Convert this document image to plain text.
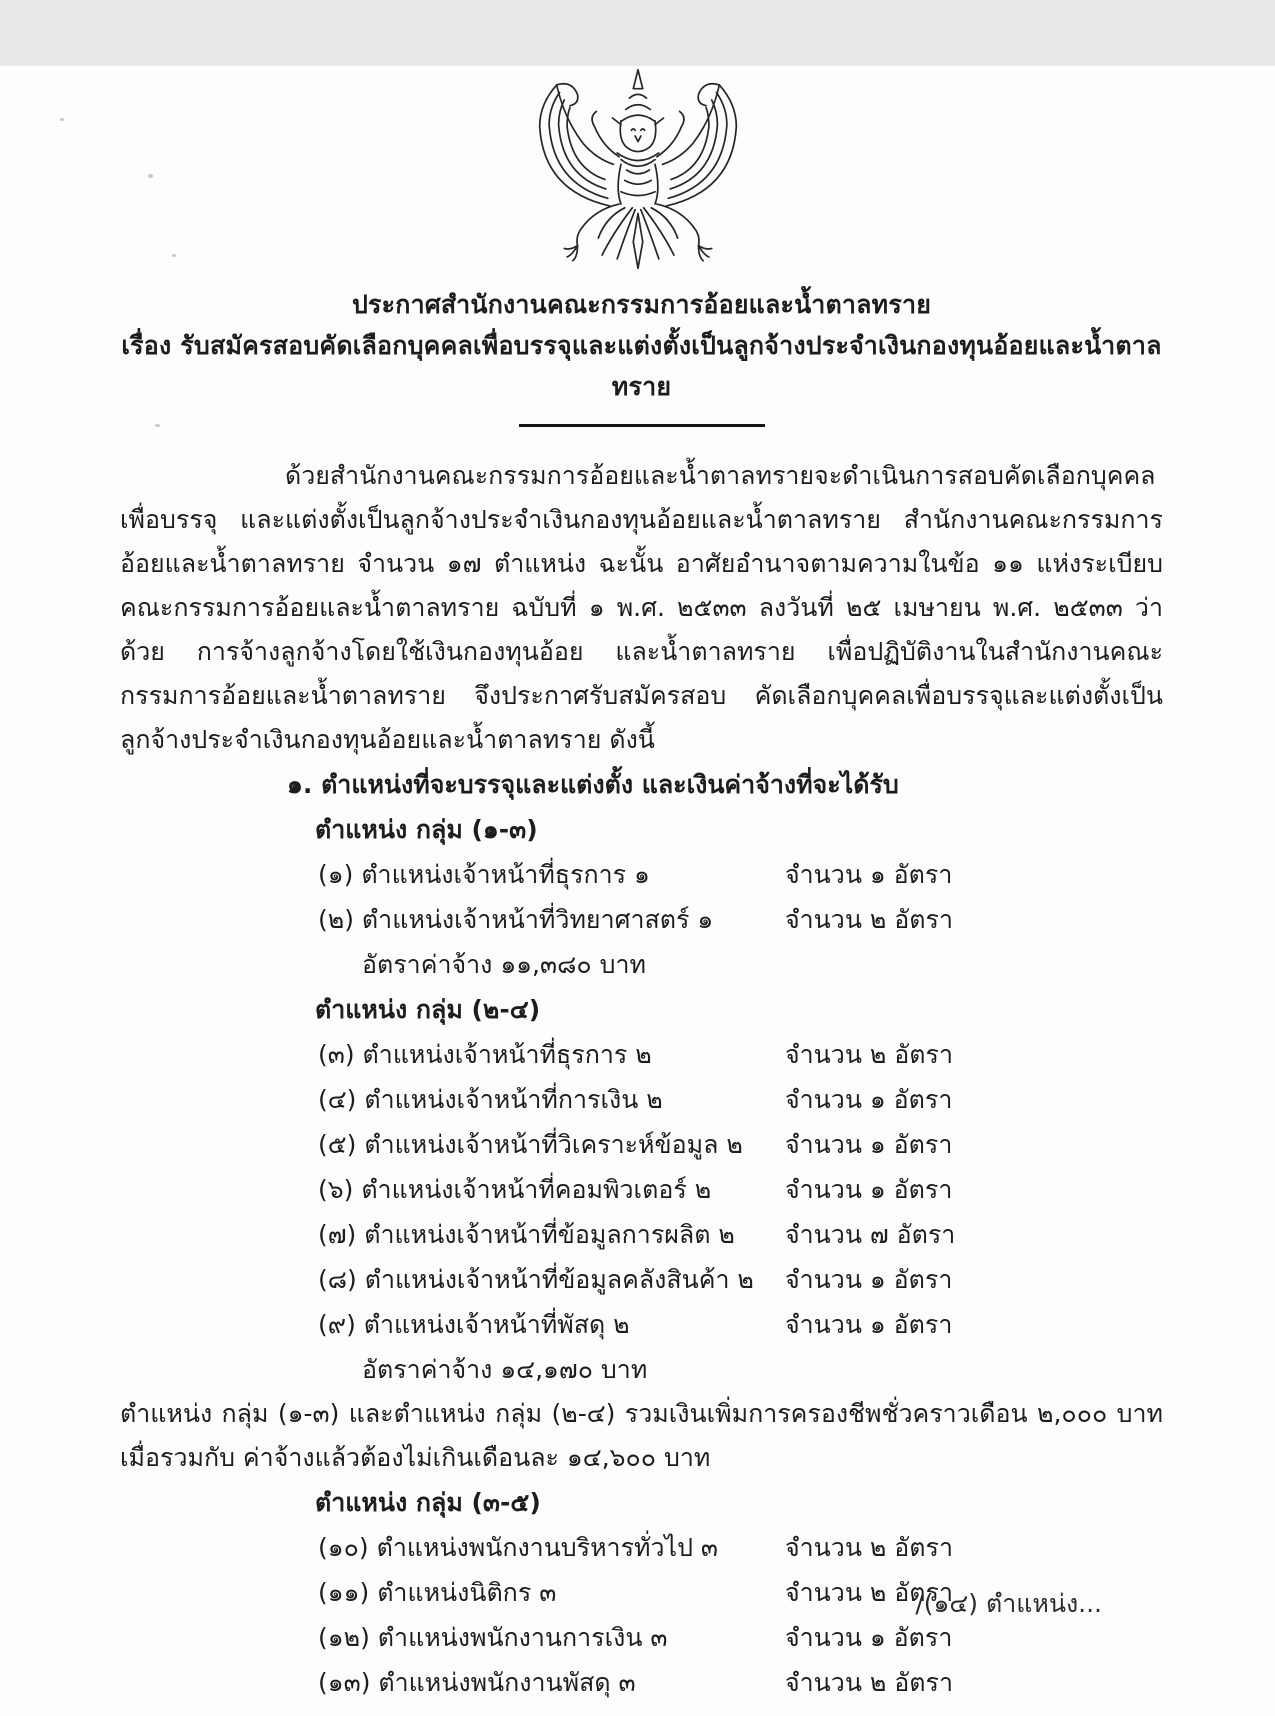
ประกาศสำนักงานคณะกรรมการอ้อยและน้ำตาลทราย
เรื่อง รับสมัครสอบคัดเลือกบุคคลเพื่อบรรจุและแต่งตั้งเป็นลูกจ้างประจำเงินกองทุนอ้อยและน้ำตาลทราย

ด้วยสำนักงานคณะกรรมการอ้อยและน้ำตาลทรายจะดำเนินการสอบคัดเลือกบุคคลเพื่อบรรจุ และแต่งตั้งเป็นลูกจ้างประจำเงินกองทุนอ้อยและน้ำตาลทราย สำนักงานคณะกรรมการอ้อยและน้ำตาลทราย จำนวน ๑๗ ตำแหน่ง ฉะนั้น อาศัยอำนาจตามความในข้อ ๑๑ แห่งระเบียบคณะกรรมการอ้อยและน้ำตาลทราย ฉบับที่ ๑ พ.ศ. ๒๕๓๓ ลงวันที่ ๒๕ เมษายน พ.ศ. ๒๕๓๓ ว่าด้วย การจ้างลูกจ้างโดยใช้เงินกองทุนอ้อย และน้ำตาลทราย เพื่อปฏิบัติงานในสำนักงานคณะกรรมการอ้อยและน้ำตาลทราย จึงประกาศรับสมัครสอบ คัดเลือกบุคคลเพื่อบรรจุและแต่งตั้งเป็นลูกจ้างประจำเงินกองทุนอ้อยและน้ำตาลทราย ดังนี้

๑. ตำแหน่งที่จะบรรจุและแต่งตั้ง และเงินค่าจ้างที่จะได้รับ
ตำแหน่ง กลุ่ม (๑-๓)
(๑) ตำแหน่งเจ้าหน้าที่ธุรการ ๑	จำนวน ๑ อัตรา
(๒) ตำแหน่งเจ้าหน้าที่วิทยาศาสตร์ ๑	จำนวน ๒ อัตรา
อัตราค่าจ้าง ๑๑,๓๘๐ บาท
ตำแหน่ง กลุ่ม (๒-๔)
(๓) ตำแหน่งเจ้าหน้าที่ธุรการ ๒	จำนวน ๒ อัตรา
(๔) ตำแหน่งเจ้าหน้าที่การเงิน ๒	จำนวน ๑ อัตรา
(๕) ตำแหน่งเจ้าหน้าที่วิเคราะห์ข้อมูล ๒ จำนวน ๑ อัตรา
(๖) ตำแหน่งเจ้าหน้าที่คอมพิวเตอร์ ๒	จำนวน ๑ อัตรา
(๗) ตำแหน่งเจ้าหน้าที่ข้อมูลการผลิต ๒ จำนวน ๗ อัตรา
(๘) ตำแหน่งเจ้าหน้าที่ข้อมูลคลังสินค้า ๒ จำนวน ๑ อัตรา
(๙) ตำแหน่งเจ้าหน้าที่พัสดุ ๒	จำนวน ๑ อัตรา
อัตราค่าจ้าง ๑๔,๑๗๐ บาท

ตำแหน่ง กลุ่ม (๑-๓) และตำแหน่ง กลุ่ม (๒-๔) รวมเงินเพิ่มการครองชีพชั่วคราวเดือน ๒,๐๐๐ บาท เมื่อรวมกับ ค่าจ้างแล้วต้องไม่เกินเดือนละ ๑๔,๖๐๐ บาท

ตำแหน่ง กลุ่ม (๓-๕)
(๑๐) ตำแหน่งพนักงานบริหารทั่วไป ๓	จำนวน ๒ อัตรา
(๑๑) ตำแหน่งนิติกร ๓	จำนวน ๒ อัตรา
(๑๒) ตำแหน่งพนักงานการเงิน ๓	จำนวน ๑ อัตรา
(๑๓) ตำแหน่งพนักงานพัสดุ ๓	จำนวน ๒ อัตรา
/(๑๔) ตำแหน่ง...
